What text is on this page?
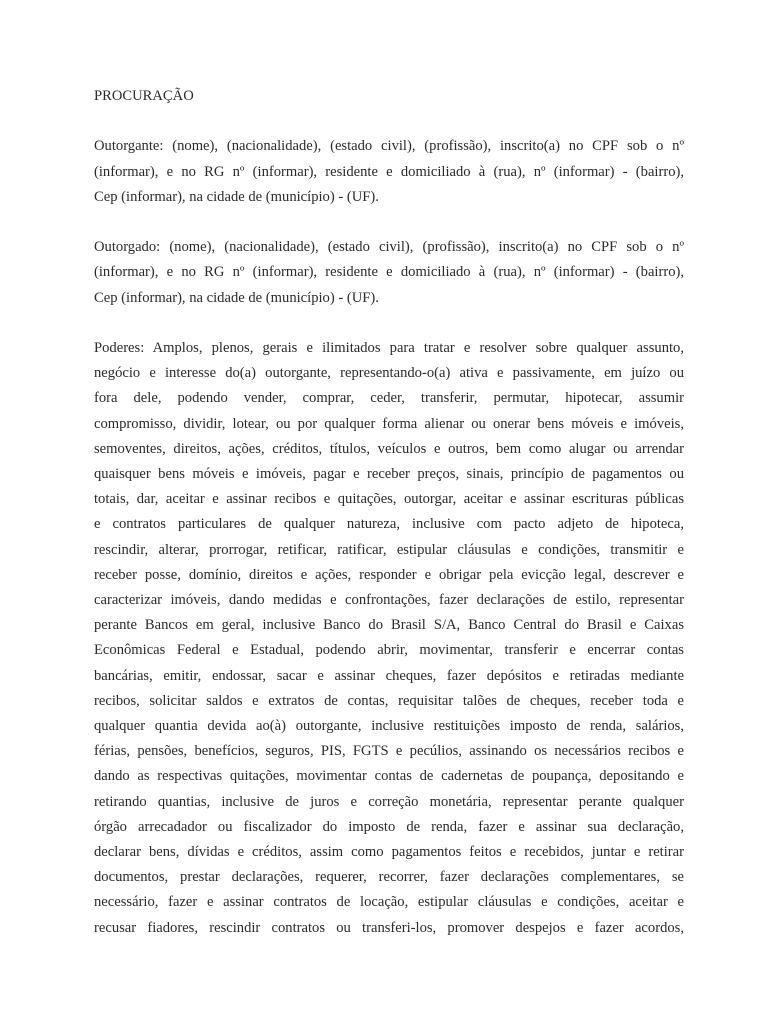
PROCURAÇÃO
Outorgante: (nome), (nacionalidade), (estado civil), (profissão), inscrito(a) no CPF sob o nº
(informar), e no RG nº (informar), residente e domiciliado à (rua), nº (informar) - (bairro),
Cep (informar), na cidade de (município) - (UF).
Outorgado: (nome), (nacionalidade), (estado civil), (profissão), inscrito(a) no CPF sob o nº
(informar), e no RG nº (informar), residente e domiciliado à (rua), nº (informar) - (bairro),
Cep (informar), na cidade de (município) - (UF).
Poderes: Amplos, plenos, gerais e ilimitados para tratar e resolver sobre qualquer assunto,
negócio e interesse do(a) outorgante, representando-o(a) ativa e passivamente, em juízo ou
fora dele, podendo vender, comprar, ceder, transferir, permutar, hipotecar, assumir
compromisso, dividir, lotear, ou por qualquer forma alienar ou onerar bens móveis e imóveis,
semoventes, direitos, ações, créditos, títulos, veículos e outros, bem como alugar ou arrendar
quaisquer bens móveis e imóveis, pagar e receber preços, sinais, princípio de pagamentos ou
totais, dar, aceitar e assinar recibos e quitações, outorgar, aceitar e assinar escrituras públicas
e contratos particulares de qualquer natureza, inclusive com pacto adjeto de hipoteca,
rescindir, alterar, prorrogar, retificar, ratificar, estipular cláusulas e condições, transmitir e
receber posse, domínio, direitos e ações, responder e obrigar pela evicção legal, descrever e
caracterizar imóveis, dando medidas e confrontações, fazer declarações de estilo, representar
perante Bancos em geral, inclusive Banco do Brasil S/A, Banco Central do Brasil e Caixas
Econômicas Federal e Estadual, podendo abrir, movimentar, transferir e encerrar contas
bancárias, emitir, endossar, sacar e assinar cheques, fazer depósitos e retiradas mediante
recibos, solicitar saldos e extratos de contas, requisitar talões de cheques, receber toda e
qualquer quantia devida ao(à) outorgante, inclusive restituições imposto de renda, salários,
férias, pensões, benefícios, seguros, PIS, FGTS e pecúlios, assinando os necessários recibos e
dando as respectivas quitações, movimentar contas de cadernetas de poupança, depositando e
retirando quantias, inclusive de juros e correção monetária, representar perante qualquer
órgão arrecadador ou fiscalizador do imposto de renda, fazer e assinar sua declaração,
declarar bens, dívidas e créditos, assim como pagamentos feitos e recebidos, juntar e retirar
documentos, prestar declarações, requerer, recorrer, fazer declarações complementares, se
necessário, fazer e assinar contratos de locação, estipular cláusulas e condições, aceitar e
recusar fiadores, rescindir contratos ou transferi-los, promover despejos e fazer acordos,
